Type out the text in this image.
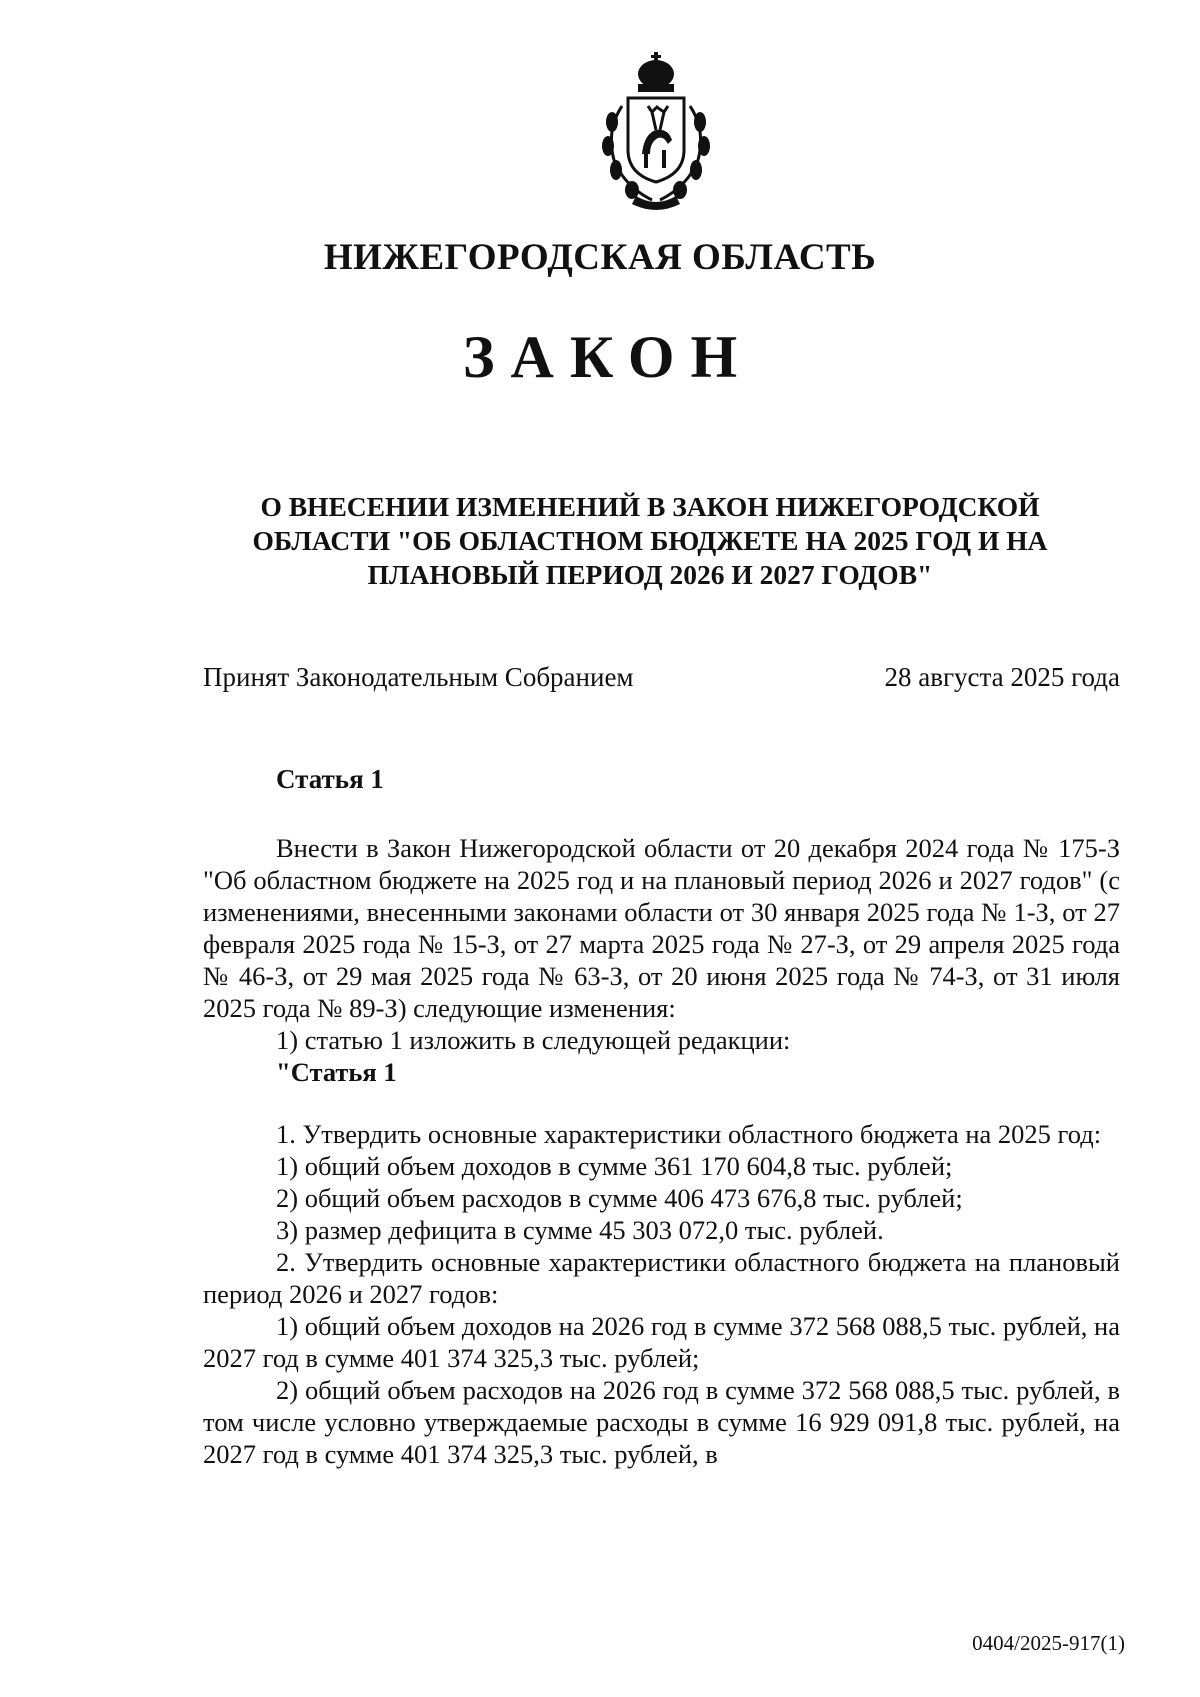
НИЖЕГОРОДСКАЯ ОБЛАСТЬ
ЗАКОН
О ВНЕСЕНИИ ИЗМЕНЕНИЙ В ЗАКОН НИЖЕГОРОДСКОЙ
ОБЛАСТИ "ОБ ОБЛАСТНОМ БЮДЖЕТЕ НА 2025 ГОД И НА
ПЛАНОВЫЙ ПЕРИОД 2026 И 2027 ГОДОВ"
Принят Законодательным Собранием	28 августа 2025 года
Статья 1

Внести в Закон Нижегородской области от 20 декабря 2024 года № 175-З "Об областном бюджете на 2025 год и на плановый период 2026 и 2027 годов" (с изменениями, внесенными законами области от 30 января 2025 года № 1-З, от 27 февраля 2025 года № 15-З, от 27 марта 2025 года № 27-З, от 29 апреля 2025 года № 46-З, от 29 мая 2025 года № 63-З, от 20 июня 2025 года № 74-З, от 31 июля 2025 года № 89-З) следующие изменения:

1) статью 1 изложить в следующей редакции:

"Статья 1

1. Утвердить основные характеристики областного бюджета на 2025 год:

1) общий объем доходов в сумме 361 170 604,8 тыс. рублей;

2) общий объем расходов в сумме 406 473 676,8 тыс. рублей;

3) размер дефицита в сумме 45 303 072,0 тыс. рублей.

2. Утвердить основные характеристики областного бюджета на плановый период 2026 и 2027 годов:

1) общий объем доходов на 2026 год в сумме 372 568 088,5 тыс. рублей, на 2027 год в сумме 401 374 325,3 тыс. рублей;

2) общий объем расходов на 2026 год в сумме 372 568 088,5 тыс. рублей, в том числе условно утверждаемые расходы в сумме 16 929 091,8 тыс. рублей, на 2027 год в сумме 401 374 325,3 тыс. рублей, в

0404/2025-917(1)
